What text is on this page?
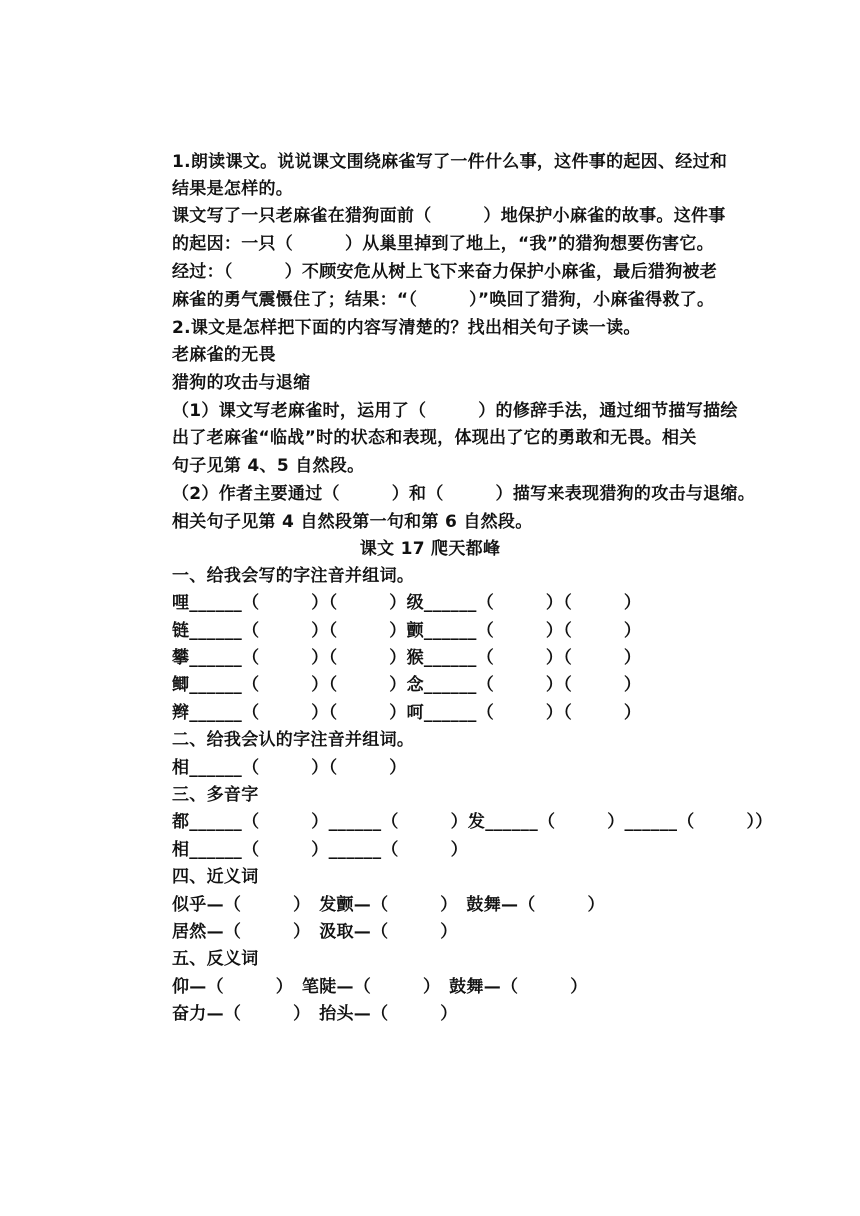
1.朗读课文。说说课文围绕麻雀写了一件什么事，这件事的起因、经过和

结果是怎样的。

课文写了一只老麻雀在猎狗面前（　　　）地保护小麻雀的故事。这件事

的起因：一只（　　　）从巢里掉到了地上，“我”的猎狗想要伤害它。

经过：（　　　）不顾安危从树上飞下来奋力保护小麻雀，最后猎狗被老

麻雀的勇气震慑住了；结果：“（　　　）”唤回了猎狗，小麻雀得救了。

2.课文是怎样把下面的内容写清楚的？找出相关句子读一读。

老麻雀的无畏

猎狗的攻击与退缩

（1）课文写老麻雀时，运用了（　　　）的修辞手法，通过细节描写描绘

出了老麻雀“临战”时的状态和表现，体现出了它的勇敢和无畏。相关

句子见第 4、5 自然段。

（2）作者主要通过（　　　）和（　　　）描写来表现猎狗的攻击与退缩。

相关句子见第 4 自然段第一句和第 6 自然段。

课文 17 爬天都峰

一、给我会写的字注音并组词。

哩______（　　　）（　　　）级______（　　　）（　　　）

链______（　　　）（　　　）颤______（　　　）（　　　）

攀______（　　　）（　　　）猴______（　　　）（　　　）

鲫______（　　　）（　　　）念______（　　　）（　　　）

辫______（　　　）（　　　）呵______（　　　）（　　　）

二、给我会认的字注音并组词。

相______（　　　）（　　　）

三、多音字

都______（　　　）______（　　　）发______（　　　）______（　　　））

相______（　　　）______（　　　）

四、近义词

似乎—（　　　）　发颤—（　　　）　鼓舞—（　　　）

居然—（　　　）　汲取—（　　　）

五、反义词

仰—（　　　）　笔陡—（　　　）　鼓舞—（　　　）

奋力—（　　　）　抬头—（　　　）
